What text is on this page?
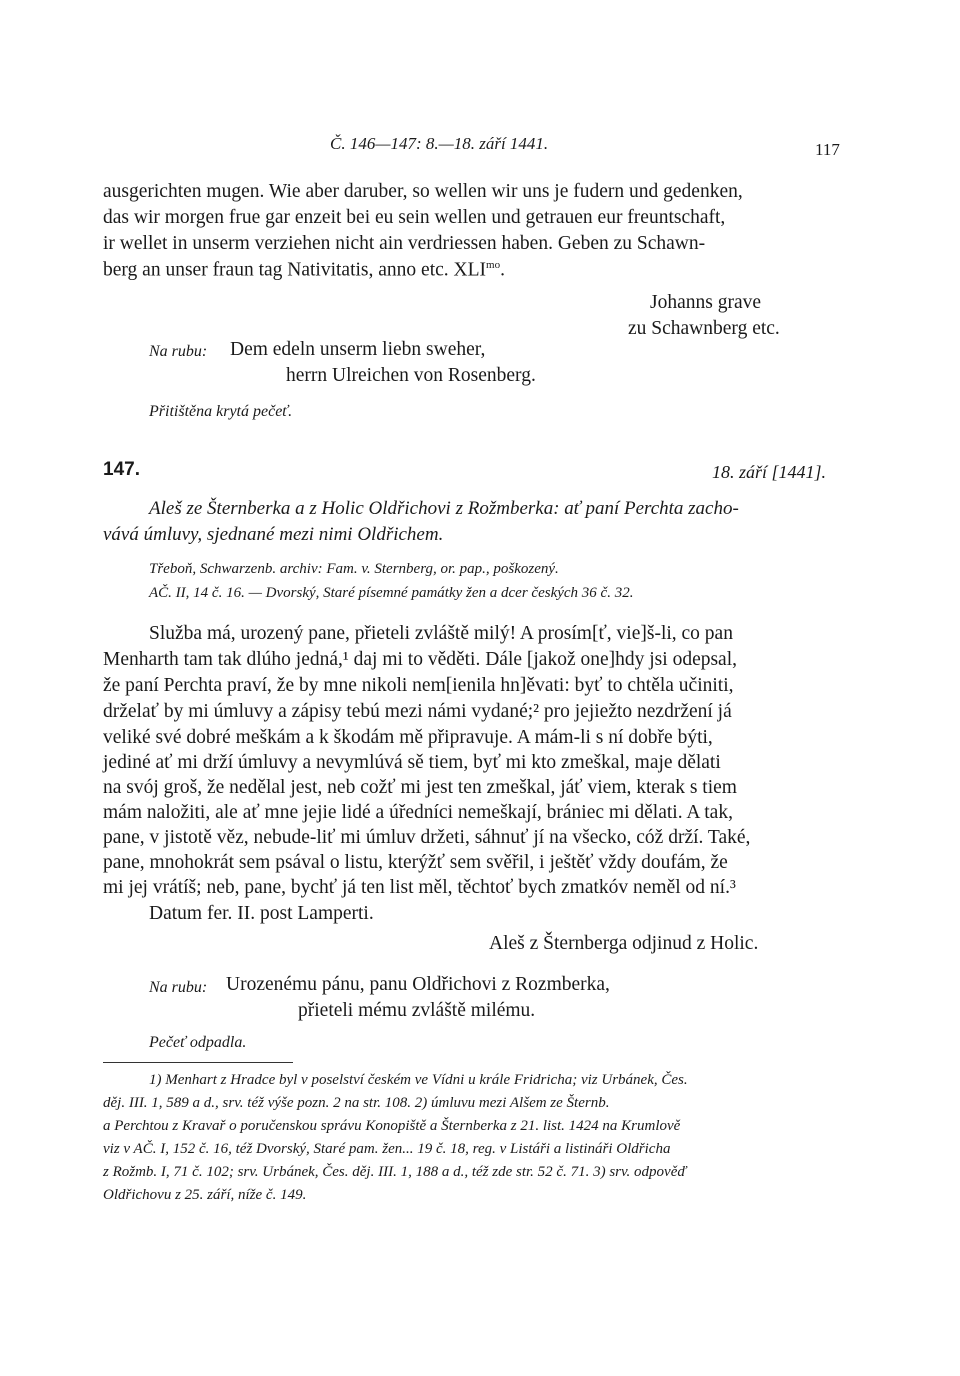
Č. 146—147: 8.—18. září 1441.	117
ausgerichten mugen. Wie aber daruber, so wellen wir uns je fudern und gedenken,
das wir morgen frue gar enzeit bei eu sein wellen und getrauen eur freuntschaft,
ir wellet in unserm verziehen nicht ain verdriessen haben. Geben zu Schawn-
berg an unser fraun tag Nativitatis, anno etc. $XLI^{mo}$.
Johanns grave
zu Schawnberg etc.
Na rubu: Dem edeln unserm liebn sweher,
herrn Ulreichen von Rosenberg.
Přitištěna krytá pečeť.
147.	18. září [1441].
Aleš ze Šternberka a z Holic Oldřichovi z Rožmberka: ať paní Perchta zacho-
vává úmluvy, sjednané mezi nimi Oldřichem.
Třeboň, Schwarzenb. archiv: Fam. v. Sternberg, or. pap., poškozený.
AČ. II, 14 č. 16. — Dvorský, Staré písemné památky žen a dcer českých 36 č. 32.
Služba má, urozený pane, přieteli zvláště milý! A prosím[ť, vie]š-li, co pan
Menharth tam tak dlúho jedná,¹ daj mi to věděti. Dále [jakož one]hdy jsi odepsal,
že paní Perchta praví, že by mne nikoli nem[ienila hn]ěvati: byť to chtěla učiniti,
drželať by mi úmluvy a zápisy tebú mezi námi vydané;² pro jejiežto nezdržení já
veliké své dobré meškám a k škodám mě připravuje. A mám-li s ní dobře býti,
jediné ať mi drží úmluvy a nevymlúvá sě tiem, byť mi kto zmeškal, maje dělati
na svój groš, že nedělal jest, neb cožť mi jest ten zmeškal, jáť viem, kterak s tiem
mám naložiti, ale ať mne jejie lidé a úředníci nemeškají, brániec mi dělati. A tak,
pane, v jistotě věz, nebude-liť mi úmluv držeti, sáhnuť jí na všecko, cóž drží. Také,
pane, mnohokrát sem psával o listu, kterýžť sem svěřil, i ještěť vždy doufám, že
mi jej vrátíš; neb, pane, bychť já ten list měl, těchtoť bych zmatkóv neměl od ní.³
Datum fer. II. post Lamperti.
Aleš z Šternberga odjinud z Holic.
Na rubu: Urozenému pánu, panu Oldřichovi z Rozmberka,
přieteli mému zvláště milému.
Pečeť odpadla.
1) Menhart z Hradce byl v poselství českém ve Vídni u krále Fridricha; viz Urbánek, Čes.
děj. III. 1, 589 a d., srv. též výše pozn. 2 na str. 108. 2) úmluvu mezi Alšem ze Šternb.
a Perchtou z Kravař o poručenskou správu Konopiště a Šternberka z 21. list. 1424 na Krumlově
viz v AČ. I, 152 č. 16, též Dvorský, Staré pam. žen... 19 č. 18, reg. v Listáři a listináři Oldřicha
z Rožmb. I, 71 č. 102; srv. Urbánek, Čes. děj. III. 1, 188 a d., též zde str. 52 č. 71. 3) srv. odpověď
Oldřichovu z 25. září, níže č. 149.
